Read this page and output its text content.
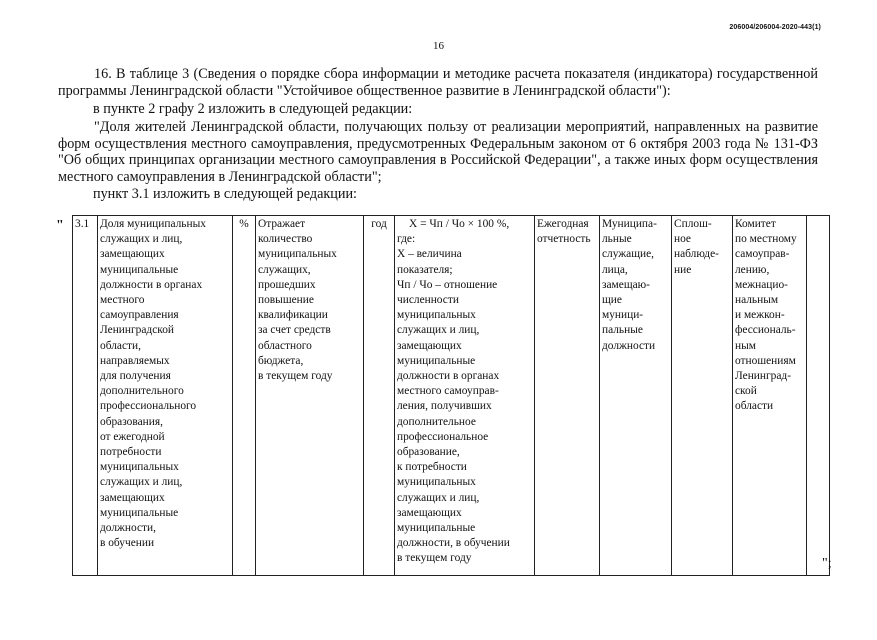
206004/206004-2020-443(1)
16
16. В таблице 3 (Сведения о порядке сбора информации и методике расчета показателя (индикатора) государственной программы Ленинградской области "Устойчивое общественное развитие в Ленинградской области"):
в пункте 2 графу 2 изложить в следующей редакции:
"Доля жителей Ленинградской области, получающих пользу от реализации мероприятий, направленных на развитие форм осуществления местного самоуправления, предусмотренных Федеральным законом от 6 октября 2003 года № 131-ФЗ "Об общих принципах организации местного самоуправления в Российской Федерации", а также иных форм осуществления местного самоуправления в Ленинградской области";
пункт 3.1 изложить в следующей редакции:
" 3.1	Доля муниципальных
служащих и лиц,
замещающих
муниципальные
должности в органах
местного
самоуправления
Ленинградской
области,
направляемых
для получения
дополнительного
профессионального
образования,
от ежегодной
потребности
муниципальных
служащих и лиц,
замещающих
муниципальные
должности,
в обучении	%	Отражает
количество
муниципальных
служащих,
прошедших
повышение
квалификации
за счет средств
областного
бюджета,
в текущем году	год	X = Чп / Чо × 100 %,
где:
X – величина
показателя;
Чп / Чо – отношение
численности
муниципальных
служащих и лиц,
замещающих
муниципальные
должности в органах
местного самоуправ-
ления, получивших
дополнительное
профессиональное
образование,
к потребности
муниципальных
служащих и лиц,
замещающих
муниципальные
должности, в обучении
в текущем году
	Ежегодная
отчетность	Муниципа-
льные
служащие,
лица,
замещаю-
щие
муници-
пальные
должности	Сплош-
ное
наблюде-
ние	Комитет
по местному
самоуправ-
лению,
межнацио-
нальным
и межкон-
фессиональ-
ным
отношениям
Ленинград-
ской
области	
";
